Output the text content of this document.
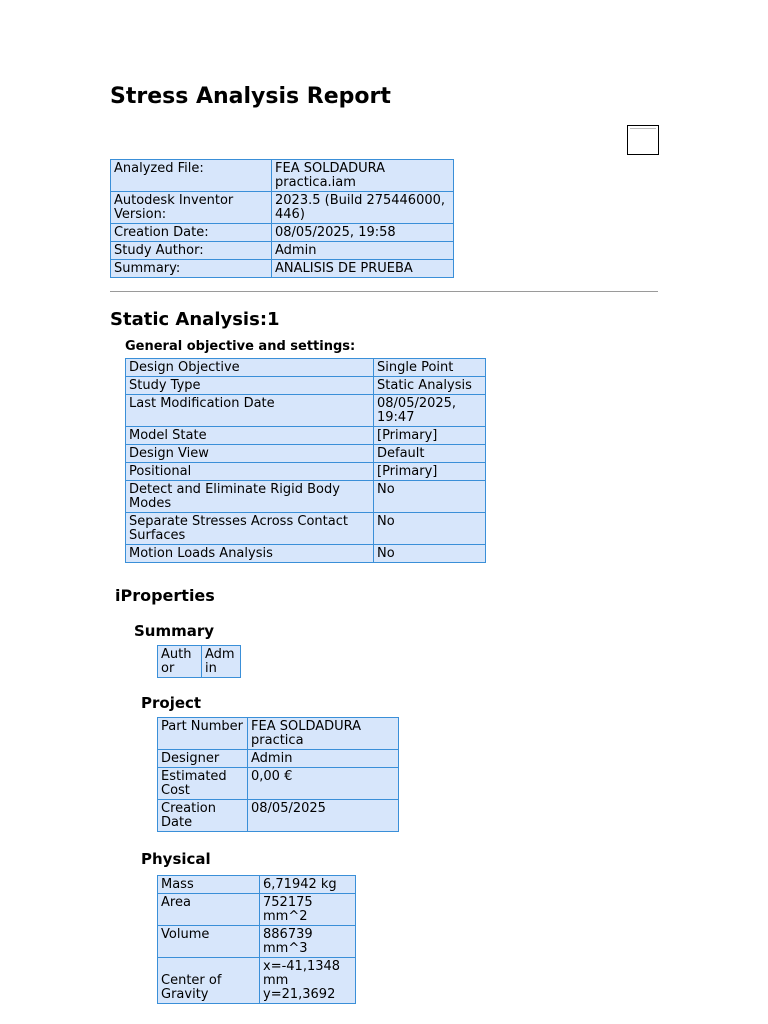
Stress Analysis Report
Analyzed File:	FEA SOLDADURA practica.iam
Autodesk Inventor Version:	2023.5 (Build 275446000, 446)
Creation Date:	08/05/2025, 19:58
Study Author:	Admin
Summary:	ANALISIS DE PRUEBA
Static Analysis:1
General objective and settings:
Design Objective	Single Point
Study Type	Static Analysis
Last Modification Date	08/05/2025, 19:47
Model State	[Primary]
Design View	Default
Positional	[Primary]
Detect and Eliminate Rigid Body Modes	No
Separate Stresses Across Contact Surfaces	No
Motion Loads Analysis	No
iProperties
Summary
Author	Admin
Project
Part Number	FEA SOLDADURA practica
Designer	Admin
Estimated Cost	0,00 €
Creation Date	08/05/2025
Physical
Mass	6,71942 kg
Area	752175 mm^2
Volume	886739 mm^3
Center of Gravity	x=-41,1348 mm y=21,3692
